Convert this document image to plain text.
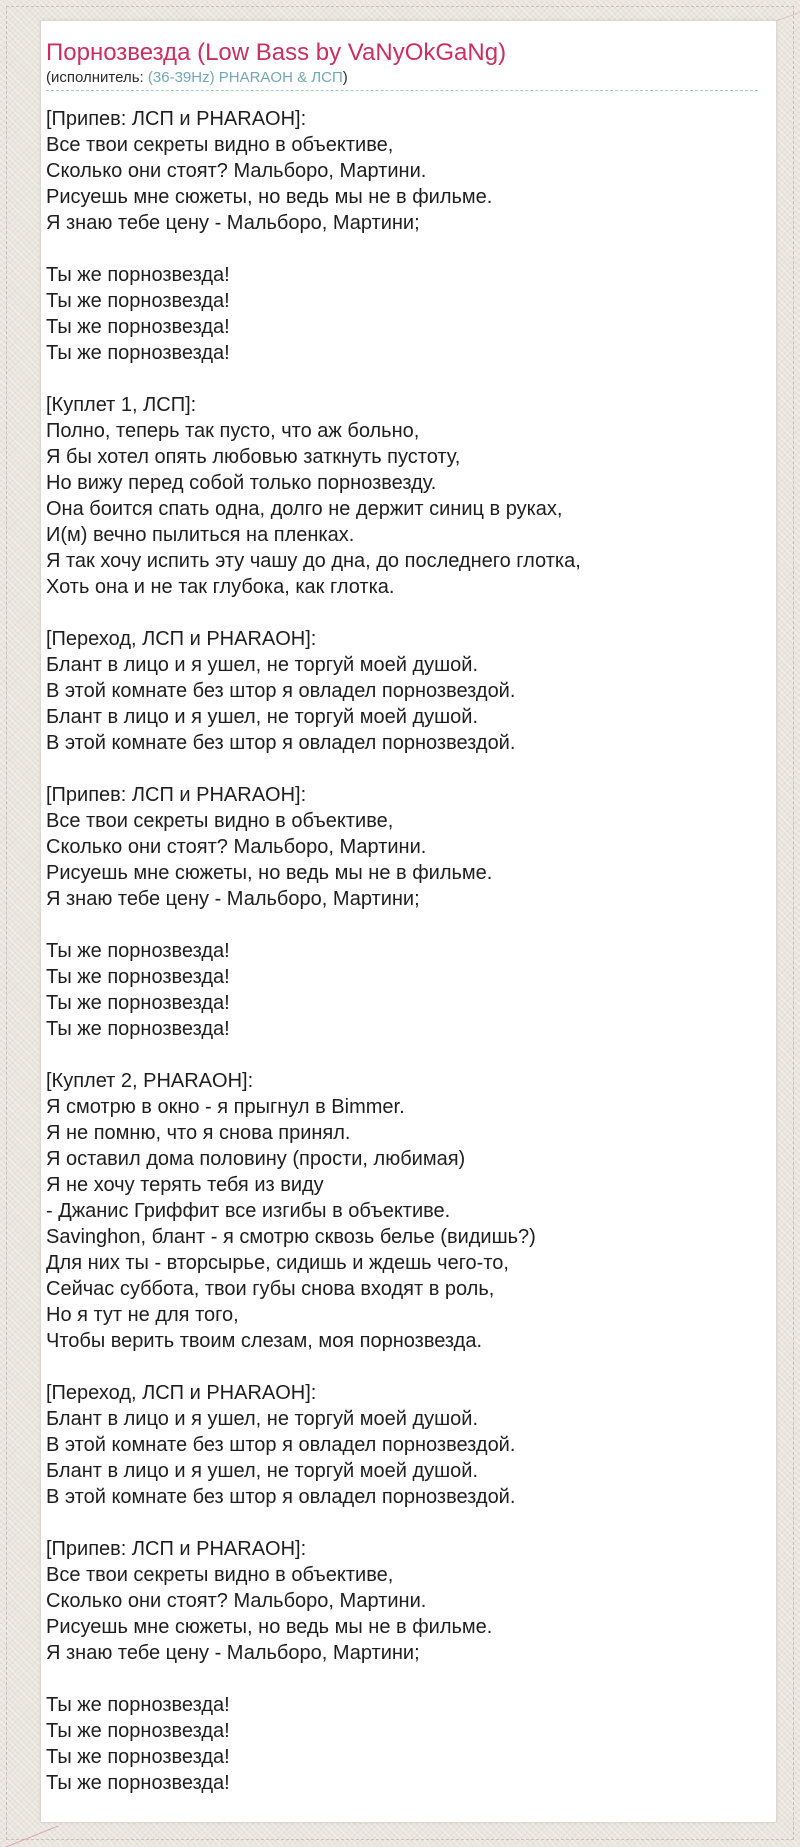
Порнозвезда (Low Bass by VaNyOkGaNg)
(исполнитель: (36-39Hz) PHARAOH & ЛСП)
[Припев: ЛСП и PHARAOH]:
Все твои секреты видно в объективе,
Сколько они стоят? Мальборо, Мартини.
Рисуешь мне сюжеты, но ведь мы не в фильме.
Я знаю тебе цену - Мальборо, Мартини;
Ты же порнозвезда!
Ты же порнозвезда!
Ты же порнозвезда!
Ты же порнозвезда!
[Куплет 1, ЛСП]:
Полно, теперь так пусто, что аж больно,
Я бы хотел опять любовью заткнуть пустоту,
Но вижу перед собой только порнозвезду.
Она боится спать одна, долго не держит синиц в руках,
И(м) вечно пылиться на пленках.
Я так хочу испить эту чашу до дна, до последнего глотка,
Хоть она и не так глубока, как глотка.
[Переход, ЛСП и PHARAOH]:
Блант в лицо и я ушел, не торгуй моей душой.
В этой комнате без штор я овладел порнозвездой.
Блант в лицо и я ушел, не торгуй моей душой.
В этой комнате без штор я овладел порнозвездой.
[Припев: ЛСП и PHARAOH]:
Все твои секреты видно в объективе,
Сколько они стоят? Мальборо, Мартини.
Рисуешь мне сюжеты, но ведь мы не в фильме.
Я знаю тебе цену - Мальборо, Мартини;
Ты же порнозвезда!
Ты же порнозвезда!
Ты же порнозвезда!
Ты же порнозвезда!
[Куплет 2, PHARAOH]:
Я смотрю в окно - я прыгнул в Bimmer.
Я не помню, что я снова принял.
Я оставил дома половину (прости, любимая)
Я не хочу терять тебя из виду
- Джанис Гриффит все изгибы в объективе.
Savinghon, блант - я смотрю сквозь белье (видишь?)
Для них ты - вторсырье, сидишь и ждешь чего-то,
Сейчас суббота, твои губы снова входят в роль,
Но я тут не для того,
Чтобы верить твоим слезам, моя порнозвезда.
[Переход, ЛСП и PHARAOH]:
Блант в лицо и я ушел, не торгуй моей душой.
В этой комнате без штор я овладел порнозвездой.
Блант в лицо и я ушел, не торгуй моей душой.
В этой комнате без штор я овладел порнозвездой.
[Припев: ЛСП и PHARAOH]:
Все твои секреты видно в объективе,
Сколько они стоят? Мальборо, Мартини.
Рисуешь мне сюжеты, но ведь мы не в фильме.
Я знаю тебе цену - Мальборо, Мартини;
Ты же порнозвезда!
Ты же порнозвезда!
Ты же порнозвезда!
Ты же порнозвезда!
